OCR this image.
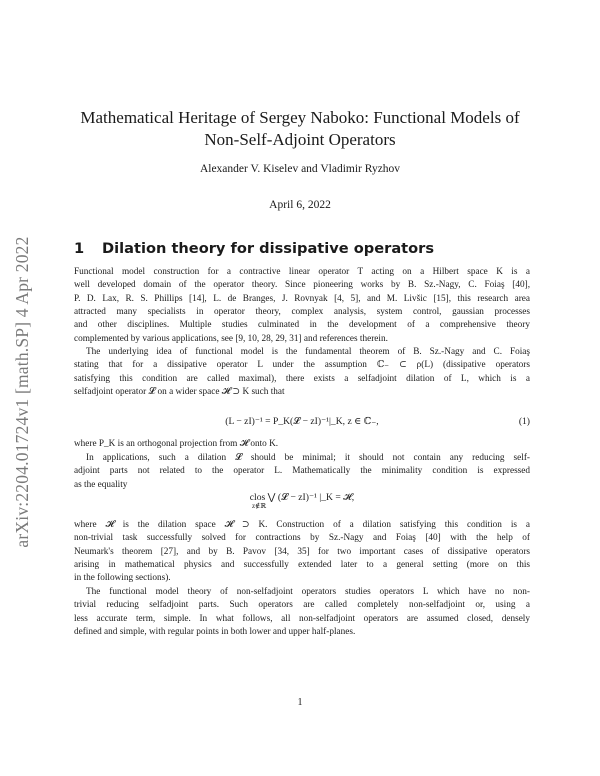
arXiv:2204.01724v1 [math.SP] 4 Apr 2022
Mathematical Heritage of Sergey Naboko: Functional Models of
Non-Self-Adjoint Operators
Alexander V. Kiselev and Vladimir Ryzhov
April 6, 2022
1 Dilation theory for dissipative operators
Functional model construction for a contractive linear operator T acting on a Hilbert space K is a
well developed domain of the operator theory. Since pioneering works by B. Sz.-Nagy, C. Foiaş [40],
P. D. Lax, R. S. Phillips [14], L. de Branges, J. Rovnyak [4, 5], and M. Livšic [15], this research area
attracted many specialists in operator theory, complex analysis, system control, gaussian processes
and other disciplines. Multiple studies culminated in the development of a comprehensive theory
complemented by various applications, see [9, 10, 28, 29, 31] and references therein.
The underlying idea of functional model is the fundamental theorem of B. Sz.-Nagy and C. Foiaş
stating that for a dissipative operator L under the assumption ℂ₋ ⊂ ρ(L) (dissipative operators
satisfying this condition are called maximal), there exists a selfadjoint dilation of L, which is a
selfadjoint operator 𝓛 on a wider space 𝓗 ⊃ K such that
(L − zI)⁻¹ = P_K(𝓛 − zI)⁻¹|_K, z ∈ ℂ₋,	(1)
where P_K is an orthogonal projection from 𝓗 onto K.
In applications, such a dilation 𝓛 should be minimal; it should not contain any reducing self-
adjoint parts not related to the operator L. Mathematically the minimality condition is expressed
as the equality
clos ⋁ (𝓛 − zI)⁻¹ |_K = 𝓗,
z∉ℝ
where 𝓗 is the dilation space 𝓗 ⊃ K. Construction of a dilation satisfying this condition is a
non-trivial task successfully solved for contractions by Sz.-Nagy and Foiaş [40] with the help of
Neumark's theorem [27], and by B. Pavov [34, 35] for two important cases of dissipative operators
arising in mathematical physics and successfully extended later to a general setting (more on this
in the following sections).
The functional model theory of non-selfadjoint operators studies operators L which have no non-
trivial reducing selfadjoint parts. Such operators are called completely non-selfadjoint or, using a
less accurate term, simple. In what follows, all non-selfadjoint operators are assumed closed, densely
defined and simple, with regular points in both lower and upper half-planes.
1
